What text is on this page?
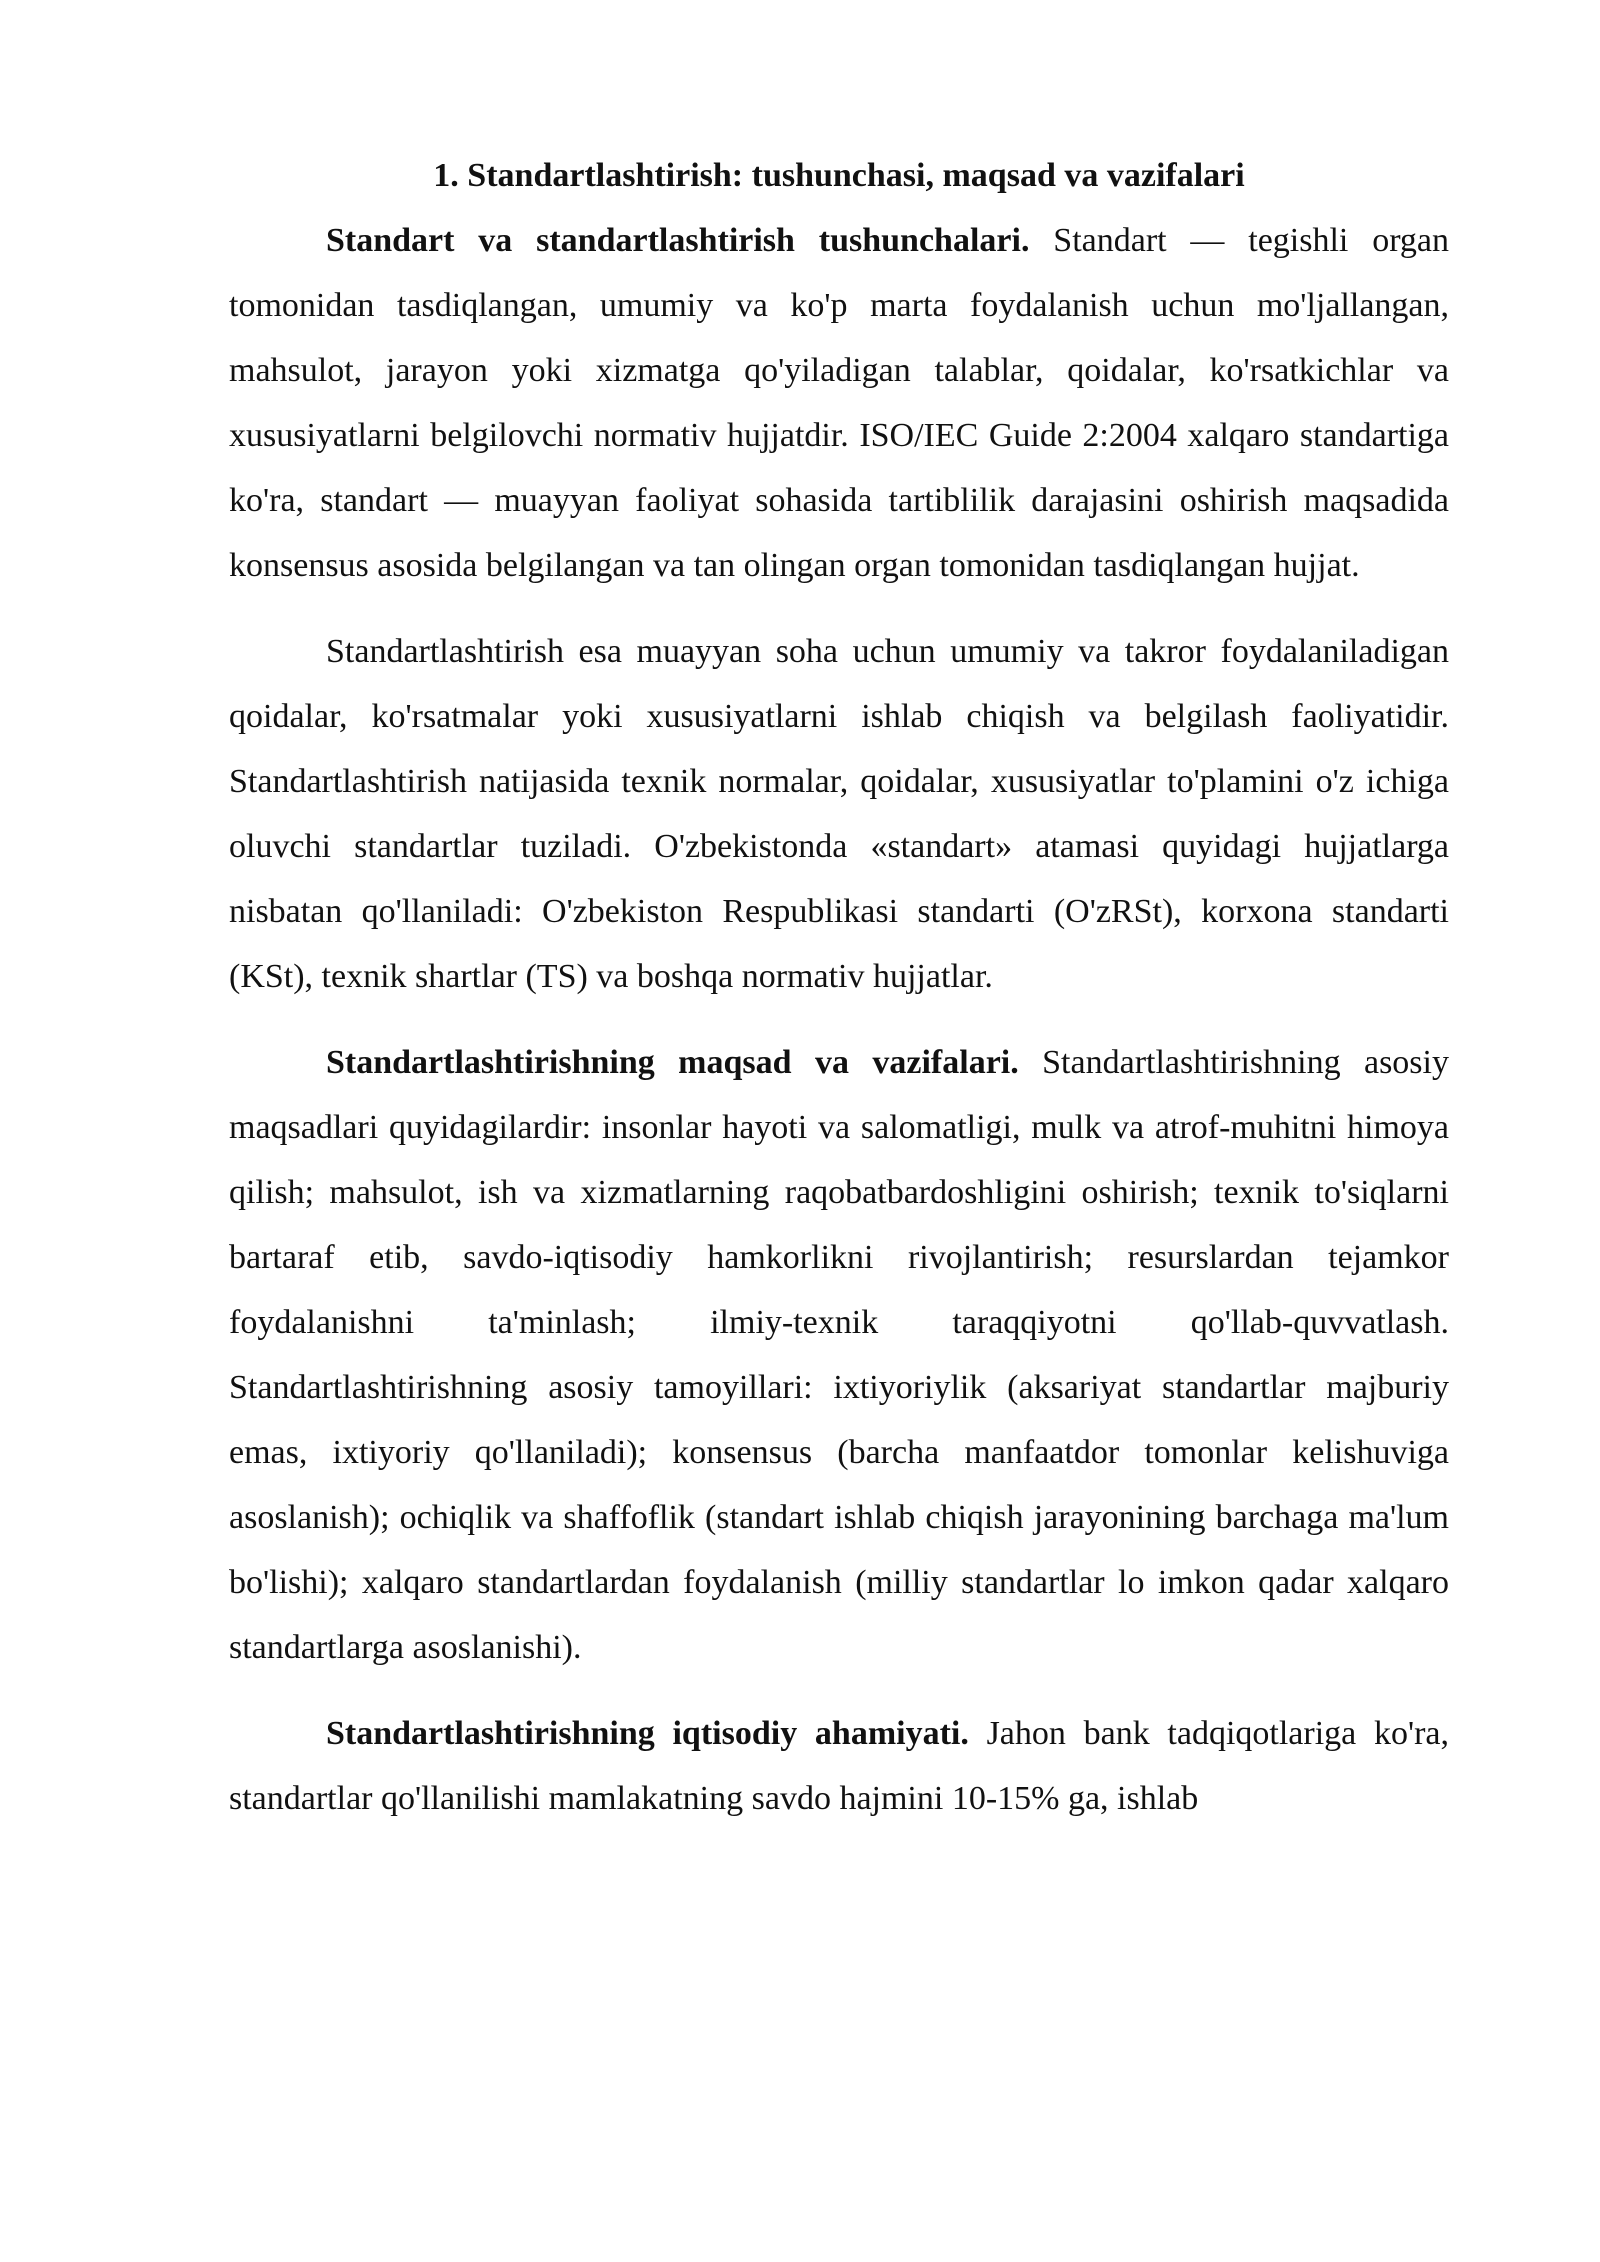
1. Standartlashtirish: tushunchasi, maqsad va vazifalari

Standart va standartlashtirish tushunchalari. Standart — tegishli organ tomonidan tasdiqlangan, umumiy va ko'p marta foydalanish uchun mo'ljallangan, mahsulot, jarayon yoki xizmatga qo'yiladigan talablar, qoidalar, ko'rsatkichlar va xususiyatlarni belgilovchi normativ hujjatdir. ISO/IEC Guide 2:2004 xalqaro standartiga ko'ra, standart — muayyan faoliyat sohasida tartiblilik darajasini oshirish maqsadida konsensus asosida belgilangan va tan olingan organ tomonidan tasdiqlangan hujjat.

Standartlashtirish esa muayyan soha uchun umumiy va takror foydalaniladigan qoidalar, ko'rsatmalar yoki xususiyatlarni ishlab chiqish va belgilash faoliyatidir. Standartlashtirish natijasida texnik normalar, qoidalar, xususiyatlar to'plamini o'z ichiga oluvchi standartlar tuziladi. O'zbekistonda «standart» atamasi quyidagi hujjatlarga nisbatan qo'llaniladi: O'zbekiston Respublikasi standarti (O'zRSt), korxona standarti (KSt), texnik shartlar (TS) va boshqa normativ hujjatlar.

Standartlashtirishning maqsad va vazifalari. Standartlashtirishning asosiy maqsadlari quyidagilardir: insonlar hayoti va salomatligi, mulk va atrof-muhitni himoya qilish; mahsulot, ish va xizmatlarning raqobatbardoshligini oshirish; texnik to'siqlarni bartaraf etib, savdo-iqtisodiy hamkorlikni rivojlantirish; resurslardan tejamkor foydalanishni ta'minlash; ilmiy-texnik taraqqiyotni qo'llab-quvvatlash. Standartlashtirishning asosiy tamoyillari: ixtiyoriylik (aksariyat standartlar majburiy emas, ixtiyoriy qo'llaniladi); konsensus (barcha manfaatdor tomonlar kelishuviga asoslanish); ochiqlik va shaffoflik (standart ishlab chiqish jarayonining barchaga ma'lum bo'lishi); xalqaro standartlardan foydalanish (milliy standartlar lo imkon qadar xalqaro standartlarga asoslanishi).

Standartlashtirishning iqtisodiy ahamiyati. Jahon bank tadqiqotlariga ko'ra, standartlar qo'llanilishi mamlakatning savdo hajmini 10-15% ga, ishlab
